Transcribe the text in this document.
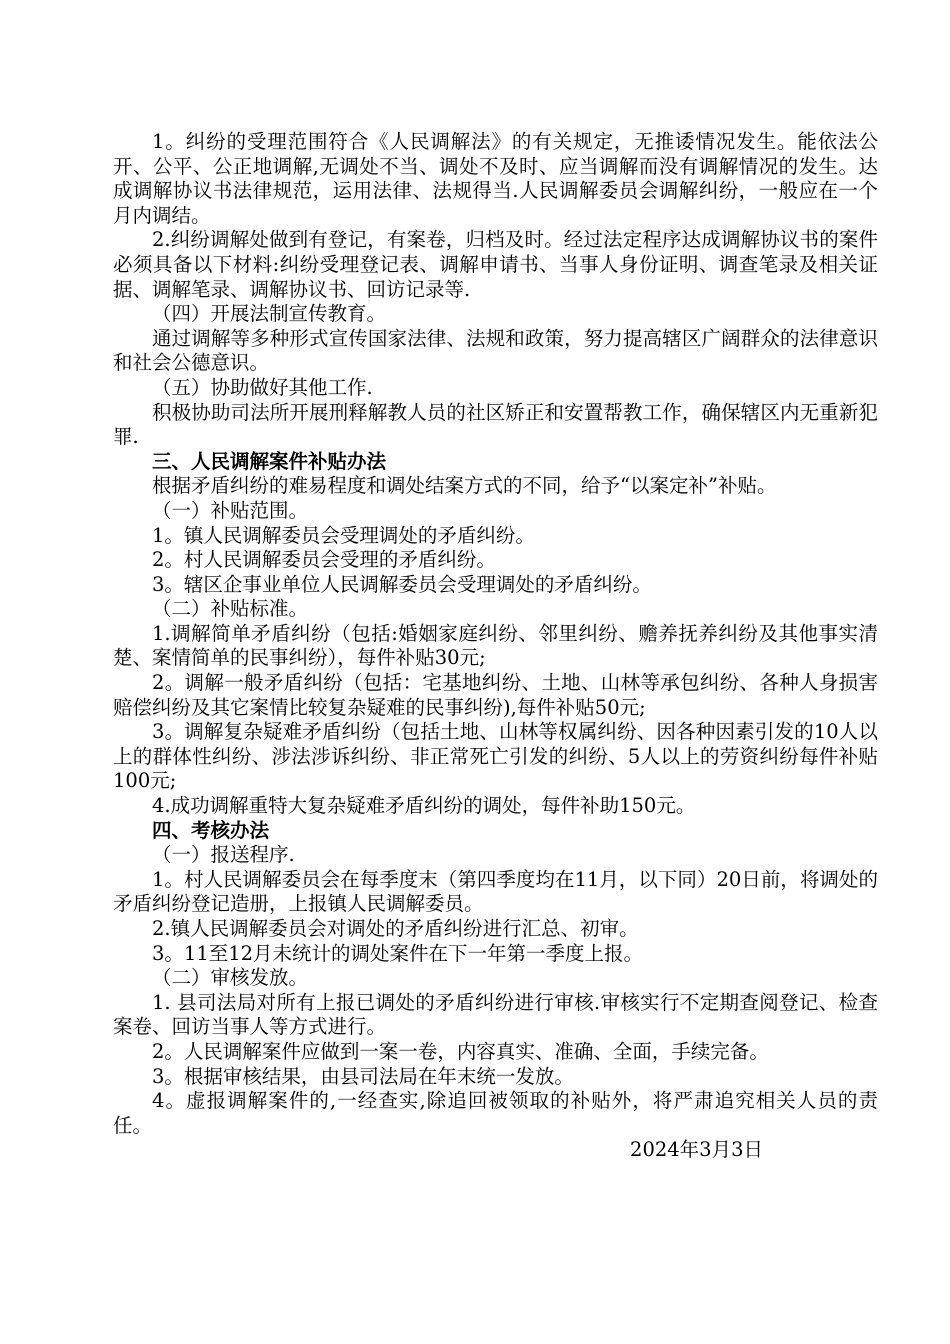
1。纠纷的受理范围符合《人民调解法》的有关规定，无推诿情况发生。能依法公开、公平、公正地调解,无调处不当、调处不及时、应当调解而没有调解情况的发生。达成调解协议书法律规范，运用法律、法规得当.人民调解委员会调解纠纷，一般应在一个月内调结。

2.纠纷调解处做到有登记，有案卷，归档及时。经过法定程序达成调解协议书的案件必须具备以下材料:纠纷受理登记表、调解申请书、当事人身份证明、调查笔录及相关证据、调解笔录、调解协议书、回访记录等.

（四）开展法制宣传教育。

通过调解等多种形式宣传国家法律、法规和政策，努力提高辖区广阔群众的法律意识和社会公德意识。

（五）协助做好其他工作.

积极协助司法所开展刑释解教人员的社区矫正和安置帮教工作，确保辖区内无重新犯罪.

三、人民调解案件补贴办法

根据矛盾纠纷的难易程度和调处结案方式的不同，给予“以案定补”补贴。

（一）补贴范围。

1。镇人民调解委员会受理调处的矛盾纠纷。

2。村人民调解委员会受理的矛盾纠纷。

3。辖区企事业单位人民调解委员会受理调处的矛盾纠纷。

（二）补贴标准。

1.调解简单矛盾纠纷（包括:婚姻家庭纠纷、邻里纠纷、赡养抚养纠纷及其他事实清楚、案情简单的民事纠纷），每件补贴30元;

2。调解一般矛盾纠纷（包括：宅基地纠纷、土地、山林等承包纠纷、各种人身损害赔偿纠纷及其它案情比较复杂疑难的民事纠纷),每件补贴50元;

3。调解复杂疑难矛盾纠纷（包括土地、山林等权属纠纷、因各种因素引发的10人以上的群体性纠纷、涉法涉诉纠纷、非正常死亡引发的纠纷、5人以上的劳资纠纷每件补贴100元;

4.成功调解重特大复杂疑难矛盾纠纷的调处，每件补助150元。

四、考核办法

（一）报送程序.

1。村人民调解委员会在每季度末（第四季度均在11月，以下同）20日前，将调处的矛盾纠纷登记造册，上报镇人民调解委员。

2.镇人民调解委员会对调处的矛盾纠纷进行汇总、初审。

3。11至12月未统计的调处案件在下一年第一季度上报。

（二）审核发放。

1. 县司法局对所有上报已调处的矛盾纠纷进行审核.审核实行不定期查阅登记、检查案卷、回访当事人等方式进行。

2。人民调解案件应做到一案一卷，内容真实、准确、全面，手续完备。

3。根据审核结果，由县司法局在年末统一发放。

4。虚报调解案件的,一经查实,除追回被领取的补贴外，将严肃追究相关人员的责任。

2024年3月3日
